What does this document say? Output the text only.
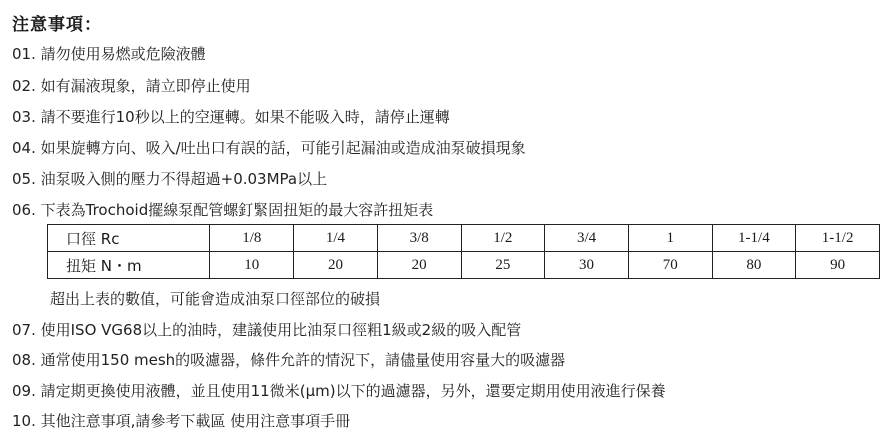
注意事項：
01. 請勿使用易燃或危險液體
02. 如有漏液現象，請立即停止使用
03. 請不要進行10秒以上的空運轉。如果不能吸入時，請停止運轉
04. 如果旋轉方向、吸入/吐出口有誤的話，可能引起漏油或造成油泵破損現象
05. 油泵吸入側的壓力不得超過+0.03MPa以上
06. 下表為Trochoid擺線泵配管螺釘緊固扭矩的最大容許扭矩表
口徑 Rc	1/8	1/4	3/8	1/2	3/4	1	1-1/4	1-1/2
扭矩 N・m	10	20	20	25	30	70	80	90
超出上表的數值，可能會造成油泵口徑部位的破損
07. 使用ISO VG68以上的油時，建議使用比油泵口徑粗1級或2級的吸入配管
08. 通常使用150 mesh的吸濾器，條件允許的情況下，請儘量使用容量大的吸濾器
09. 請定期更換使用液體，並且使用11微米(μm)以下的過濾器，另外，還要定期用使用液進行保養
10. 其他注意事項,請參考下載區 使用注意事項手冊
